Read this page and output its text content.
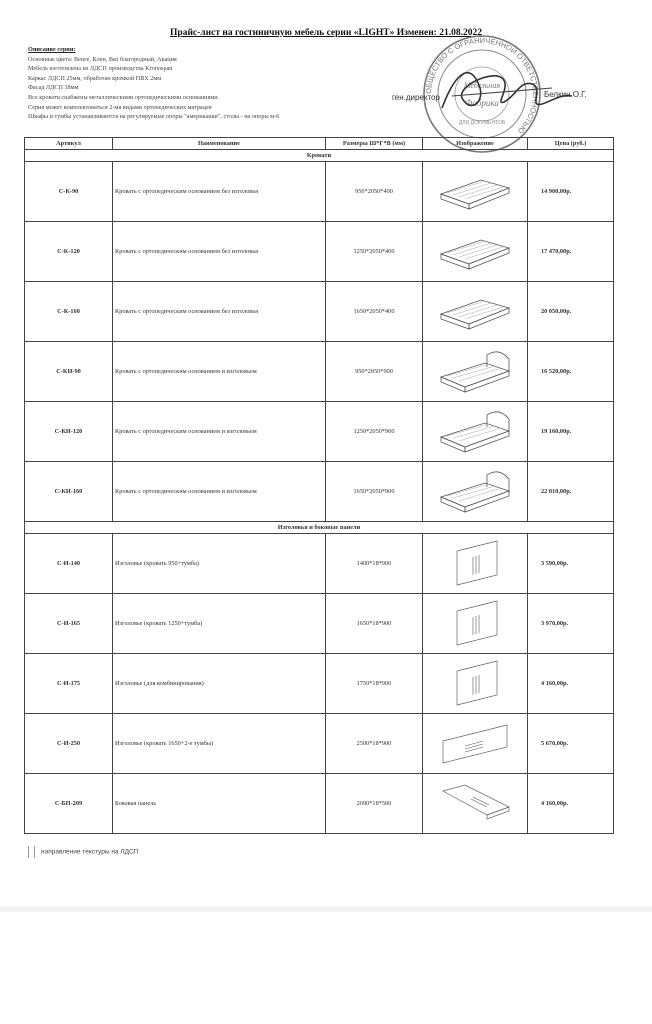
Прайс-лист на гостиничную мебель серии «LIGHT» Изменен: 21.08.2022
Описание серии:
Основные цвета: Венге, Клен, Вяз благородный, Акация
Мебель изготовлена из ЛДСП производства Kronospan
Каркас ЛДСП 25мм, обработан кромкой ПВХ 2мм
Фасад ЛДСП 18мм
Все кровати снабжены металлическими ортопедическими основаниями.
Серия может комплектоваться 2-мя видами ортопедических матрацев
Шкафы и тумбы устанавливаются на регулируемые опоры "американки", столы - на опоры м-6
ОБЩЕСТВО С ОГРАНИЧЕННОЙ ОТВЕТСТВЕННОСТЬЮ
Мебельная
Фабрика
ДЛЯ ДОКУМЕНТОВ
ген.директор	Белкин О.Г.
Артикул	Наименование	Размеры Ш*Г*В (мм)	Изображение	Цена (руб.)
Кровати				
С-К-90	Кровать с ортопедическим основанием без изголовья	950*2050*400		14 900,00р.
С-К-120	Кровать с ортопедическим основанием без изголовья	1250*2050*400		17 470,00р.
С-К-160	Кровать с ортопедическим основанием без изголовья	1650*2050*400		20 050,00р.
С-КИ-90	Кровать с ортопедическим основанием и изголовьем	950*2050*900		16 520,00р.
С-КИ-120	Кровать с ортопедическим основанием и изголовьем	1250*2050*900		19 160,00р.
С-КИ-160	Кровать с ортопедическим основанием и изголовьем	1650*2050*900		22 010,00р.
Изголовья и боковые панели				
С-И-140	Изголовье (кровать 950+тумба)	1400*18*900		3 590,00р.
С-И-165	Изголовье (кровать 1250+тумба)	1650*18*900		3 970,00р.
С-И-175	Изголовье (для комбинирования)	1750*18*900		4 160,00р.
С-И-250	Изголовье (кровать 1650+2-е тумбы)	2500*18*900		5 670,00р.
С-БП-209	Боковая панель	2090*18*500		4 160,00р.
направление текстуры на ЛДСП
